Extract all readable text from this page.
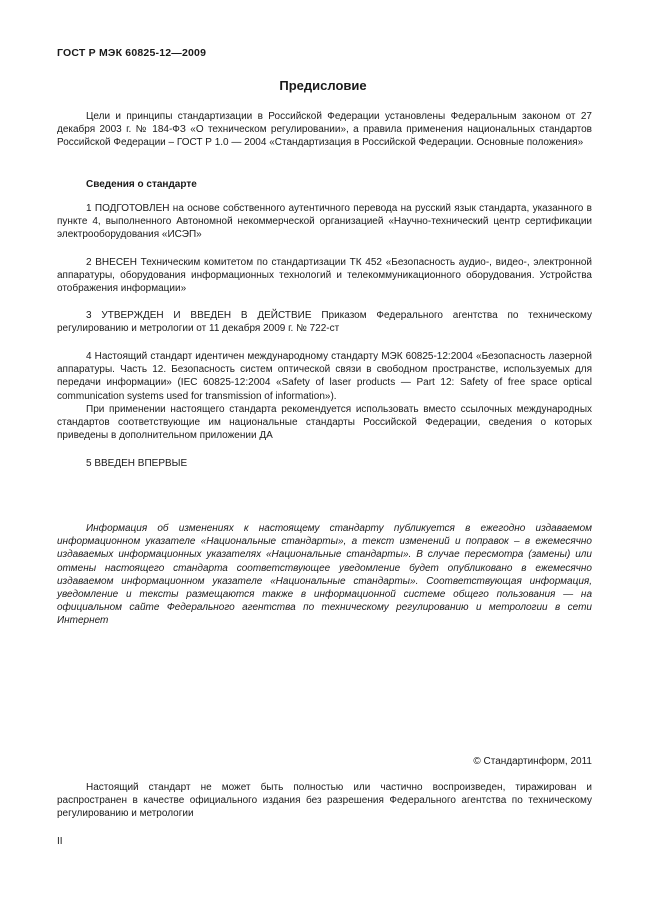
ГОСТ Р МЭК 60825-12—2009
Предисловие

Цели и принципы стандартизации в Российской Федерации установлены Федеральным законом от 27 декабря 2003 г. № 184-ФЗ «О техническом регулировании», а правила применения национальных стандартов Российской Федерации – ГОСТ Р 1.0 — 2004 «Стандартизация в Российской Федерации. Основные положения»

Сведения о стандарте

1 ПОДГОТОВЛЕН на основе собственного аутентичного перевода на русский язык стандарта, указанного в пункте 4, выполненного Автономной некоммерческой организацией «Научно-технический центр сертификации электрооборудования «ИСЭП»

2 ВНЕСЕН Техническим комитетом по стандартизации ТК 452 «Безопасность аудио-, видео-, электронной аппаратуры, оборудования информационных технологий и телекоммуникационного оборудования. Устройства отображения информации»

3 УТВЕРЖДЕН И ВВЕДЕН В ДЕЙСТВИЕ Приказом Федерального агентства по техническому регулированию и метрологии от 11 декабря 2009 г. № 722-ст

4 Настоящий стандарт идентичен международному стандарту МЭК 60825-12:2004 «Безопасность лазерной аппаратуры. Часть 12. Безопасность систем оптической связи в свободном пространстве, используемых для передачи информации» (IEC 60825-12:2004 «Safety of laser products — Part 12: Safety of free space optical communication systems used for transmission of information»).

При применении настоящего стандарта рекомендуется использовать вместо ссылочных международных стандартов соответствующие им национальные стандарты Российской Федерации, сведения о которых приведены в дополнительном приложении ДА

5 ВВЕДЕН ВПЕРВЫЕ

Информация об изменениях к настоящему стандарту публикуется в ежегодно издаваемом информационном указателе «Национальные стандарты», а текст изменений и поправок – в ежемесячно издаваемых информационных указателях «Национальные стандарты». В случае пересмотра (замены) или отмены настоящего стандарта соответствующее уведомление будет опубликовано в ежемесячно издаваемом информационном указателе «Национальные стандарты». Соответствующая информация, уведомление и тексты размещаются также в информационной системе общего пользования — на официальном сайте Федерального агентства по техническому регулированию и метрологии в сети Интернет

© Стандартинформ, 2011

Настоящий стандарт не может быть полностью или частично воспроизведен, тиражирован и распространен в качестве официального издания без разрешения Федерального агентства по техническому регулированию и метрологии

II
